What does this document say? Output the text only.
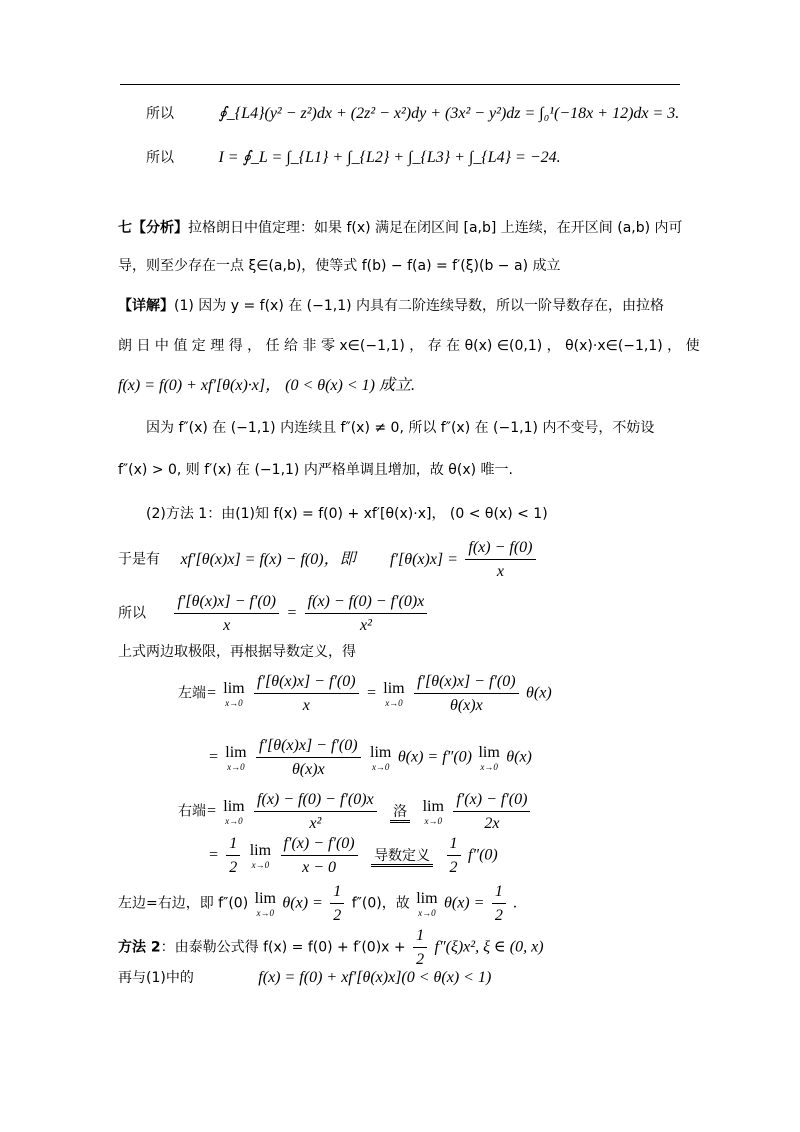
所以	∮_{L4}(y² − z²)dx + (2z² − x²)dy + (3x² − y²)dz = ∫₀¹(−18x + 12)dx = 3.
所以	I = ∮_L = ∫_{L1} + ∫_{L2} + ∫_{L3} + ∫_{L4} = −24.
七【分析】拉格朗日中值定理：如果 f(x) 满足在闭区间 [a,b] 上连续，在开区间 (a,b) 内可
导，则至少存在一点 ξ∈(a,b)，使等式 f(b) − f(a) = f′(ξ)(b − a) 成立
【详解】(1) 因为 y = f(x) 在 (−1,1) 内具有二阶连续导数，所以一阶导数存在，由拉格
朗 日 中 值 定 理 得 ， 任 给 非 零 x∈(−1,1) ， 存 在 θ(x) ∈(0,1) ， θ(x)·x∈(−1,1) ， 使
f(x) = f(0) + xf′[θ(x)·x]， (0 < θ(x) < 1) 成立.
因为 f″(x) 在 (−1,1) 内连续且 f″(x) ≠ 0, 所以 f″(x) 在 (−1,1) 内不变号，不妨设
f″(x) > 0, 则 f′(x) 在 (−1,1) 内严格单调且增加，故 θ(x) 唯一.
(2)方法 1：由(1)知 f(x) = f(0) + xf′[θ(x)·x]， (0 < θ(x) < 1)
于是有 xf′[θ(x)x] = f(x) − f(0)，即 $f'[\theta(x)x] = \frac{f(x) - f(0)}{x}$
所以 $\frac{f'[\theta(x)x] - f'(0)}{x} = \frac{f(x) - f(0) - f'(0)x}{\text{x²}}$
上式两边取极限，再根据导数定义，得
左端= lim
x→0
$\frac{f'[\theta(x)x] - f'(0)}{x} = \lim$
x→0
$\frac{f'[\theta(x)x] - f'(0)}{\theta(x)x} \theta(x)$
= lim
x→0
$\frac{f'[\theta(x)x] - f'(0)}{\theta(x)x}$
lim
x→0
θ(x) = f″(0) lim
x→0
θ(x)
右端= lim
x→0
$\frac{f(x) - f(0) - f'(0)x}{\text{x²}}$ 洛 lim
x→0
$\frac{f'(x) - f'(0)}{2x}$
= $\frac{1}{2}$
lim
x→0
$\frac{f'(x) - f'(0)}{x - 0}$ 导数定义 $\frac{1}{2} f''(0)$
左边=右边，即 f″(0) lim
x→0
$\theta(x) = \frac{1}{2} f''(0)$，故 lim
x→0
$\theta(x) = \frac{1}{2}$ .
方法 2：由泰勒公式得 $f(x) = f(0) + f'(0)x + \frac{1}{2} f''(\xi)x^2$, ξ ∈ (0, x)
再与(1)中的	f(x) = f(0) + xf′[θ(x)x](0 < θ(x) < 1)
